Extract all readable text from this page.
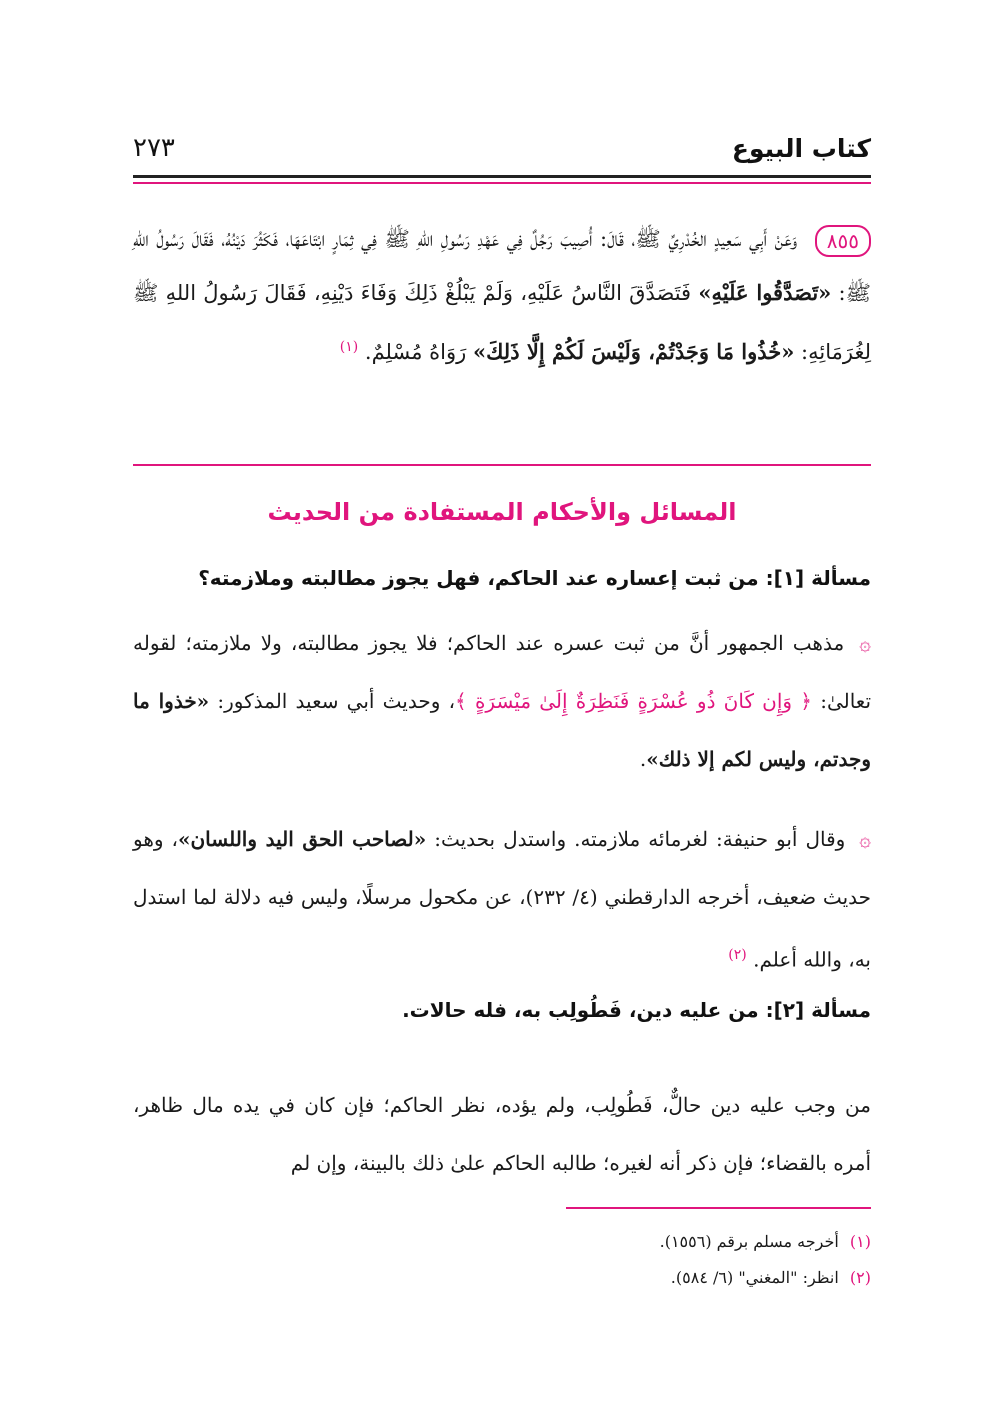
كتاب البيوع
٢٧٣
٨٥٥ وَعَنْ أَبِي سَعِيدٍ الخُدْرِيِّ ﷺ، قَالَ: أُصِيبَ رَجُلٌ فِي عَهْدِ رَسُولِ اللهِ ﷺ فِي ثِمَارٍ ابْتَاعَهَا، فَكَثُرَ دَيْنُهُ، فَقَالَ رَسُولُ اللهِ ﷺ: «تَصَدَّقُوا عَلَيْهِ» فَتَصَدَّقَ النَّاسُ عَلَيْهِ، وَلَمْ يَبْلُغْ ذَلِكَ وَفَاءَ دَيْنِهِ، فَقَالَ رَسُولُ اللهِ ﷺ لِغُرَمَائِهِ: «خُذُوا مَا وَجَدْتُمْ، وَلَيْسَ لَكُمْ إِلَّا ذَلِكَ» رَوَاهُ مُسْلِمٌ. $^{(١)}$
المسائل والأحكام المستفادة من الحديث
مسألة [١]: من ثبت إعساره عند الحاكم، فهل يجوز مطالبته وملازمته؟
۞ مذهب الجمهور أنَّ من ثبت عسره عند الحاكم؛ فلا يجوز مطالبته، ولا ملازمته؛ لقوله تعالىٰ: ﴿ وَإِن كَانَ ذُو عُسْرَةٍ فَنَظِرَةٌ إِلَىٰ مَيْسَرَةٍ ﴾، وحديث أبي سعيد المذكور: «خذوا ما وجدتم، وليس لكم إلا ذلك».
۞ وقال أبو حنيفة: لغرمائه ملازمته. واستدل بحديث: «لصاحب الحق اليد واللسان»، وهو حديث ضعيف، أخرجه الدارقطني (٤/ ٢٣٢)، عن مكحول مرسلًا، وليس فيه دلالة لما استدل به، والله أعلم. $^{(٢)}$
مسألة [٢]: من عليه دين، فَطُولِب به، فله حالات.
من وجب عليه دين حالٌّ، فَطُولِب، ولم يؤده، نظر الحاكم؛ فإن كان في يده مال ظاهر، أمره بالقضاء؛ فإن ذكر أنه لغيره؛ طالبه الحاكم علىٰ ذلك بالبينة، وإن لم
(١) أخرجه مسلم برقم (١٥٥٦).
(٢) انظر: "المغني" (٦/ ٥٨٤).
